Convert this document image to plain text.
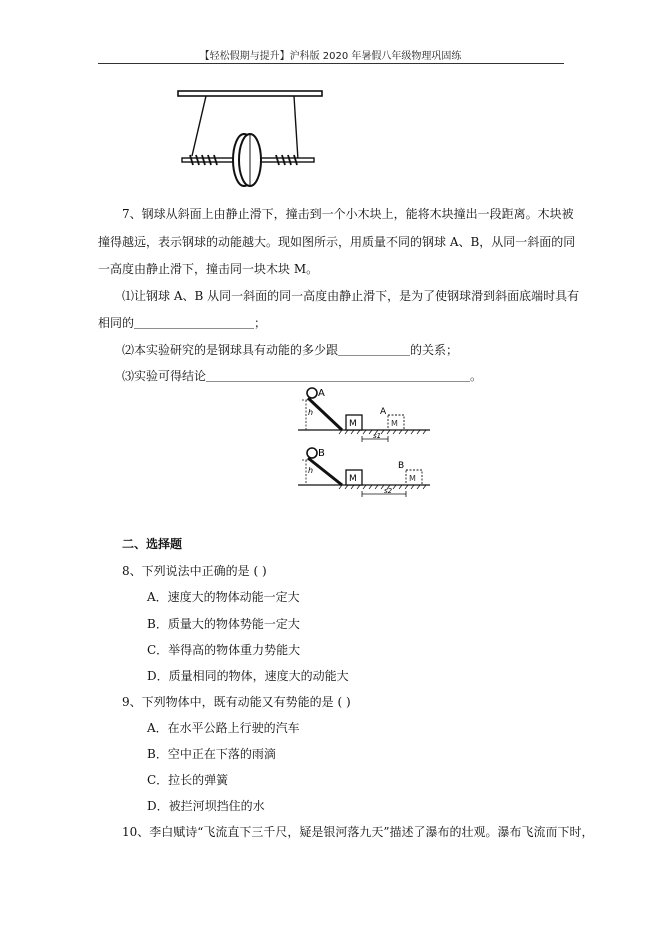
【轻松假期与提升】沪科版 2020 年暑假八年级物理巩固练
7、钢球从斜面上由静止滑下，撞击到一个小木块上，能将木块撞出一段距离。木块被
撞得越远，表示钢球的动能越大。现如图所示，用质量不同的钢球 A、B，从同一斜面的同
一高度由静止滑下，撞击同一块木块 M。
⑴让钢球 A、B 从同一斜面的同一高度由静止滑下，是为了使钢球滑到斜面底端时具有
相同的＿＿＿＿＿＿＿＿＿＿；
⑵本实验研究的是钢球具有动能的多少跟＿＿＿＿＿＿的关系；
⑶实验可得结论＿＿＿＿＿＿＿＿＿＿＿＿＿＿＿＿＿＿＿＿＿＿。
A
h
M
A
M
s1
B
h
M
B
M
s2
二、选择题
8、下列说法中正确的是 ( )
A．速度大的物体动能一定大
B．质量大的物体势能一定大
C．举得高的物体重力势能大
D．质量相同的物体，速度大的动能大
9、下列物体中，既有动能又有势能的是 ( )
A．在水平公路上行驶的汽车
B．空中正在下落的雨滴
C．拉长的弹簧
D．被拦河坝挡住的水
10、李白赋诗“飞流直下三千尺，疑是银河落九天”描述了瀑布的壮观。瀑布飞流而下时，
